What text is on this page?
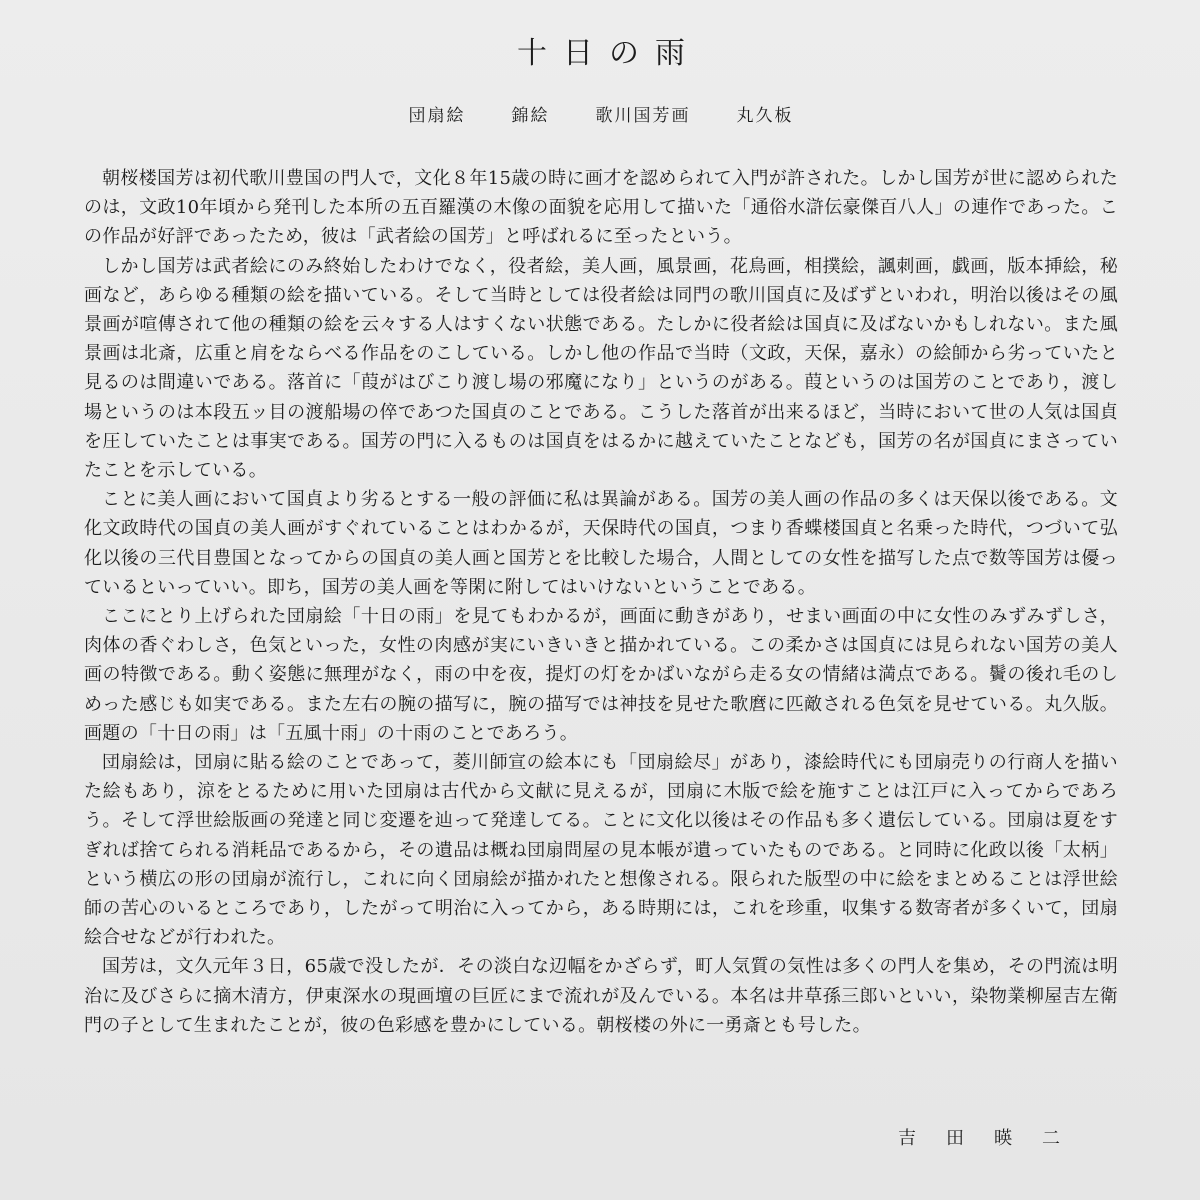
十日の雨
団扇絵	錦絵	歌川国芳画	丸久板

朝桜楼国芳は初代歌川豊国の門人で，文化８年15歳の時に画才を認められて入門が許された。しかし国芳が世に認められたのは，文政10年頃から発刊した本所の五百羅漢の木像の面貌を応用して描いた「通俗水滸伝豪傑百八人」の連作であった。この作品が好評であったため，彼は「武者絵の国芳」と呼ばれるに至ったという。

しかし国芳は武者絵にのみ終始したわけでなく，役者絵，美人画，風景画，花鳥画，相撲絵，諷刺画，戯画，版本挿絵，秘画など，あらゆる種類の絵を描いている。そして当時としては役者絵は同門の歌川国貞に及ばずといわれ，明治以後はその風景画が喧傳されて他の種類の絵を云々する人はすくない状態である。たしかに役者絵は国貞に及ばないかもしれない。また風景画は北斎，広重と肩をならべる作品をのこしている。しかし他の作品で当時（文政，天保，嘉永）の絵師から劣っていたと見るのは間違いである。落首に「葭がはびこり渡し場の邪魔になり」というのがある。葭というのは国芳のことであり，渡し場というのは本段五ッ目の渡船場の倅であつた国貞のことである。こうした落首が出来るほど，当時において世の人気は国貞を圧していたことは事実である。国芳の門に入るものは国貞をはるかに越えていたことなども，国芳の名が国貞にまさっていたことを示している。

ことに美人画において国貞より劣るとする一般の評価に私は異論がある。国芳の美人画の作品の多くは天保以後である。文化文政時代の国貞の美人画がすぐれていることはわかるが，天保時代の国貞，つまり香蝶楼国貞と名乗った時代，つづいて弘化以後の三代目豊国となってからの国貞の美人画と国芳とを比較した場合，人間としての女性を描写した点で数等国芳は優っているといっていい。即ち，国芳の美人画を等閑に附してはいけないということである。

ここにとり上げられた団扇絵「十日の雨」を見てもわかるが，画面に動きがあり，せまい画面の中に女性のみずみずしさ，肉体の香ぐわしさ，色気といった，女性の肉感が実にいきいきと描かれている。この柔かさは国貞には見られない国芳の美人画の特徴である。動く姿態に無理がなく，雨の中を夜，提灯の灯をかばいながら走る女の情緒は満点である。鬢の後れ毛のしめった感じも如実である。また左右の腕の描写に，腕の描写では神技を見せた歌麿に匹敵される色気を見せている。丸久版。画題の「十日の雨」は「五風十雨」の十雨のことであろう。

団扇絵は，団扇に貼る絵のことであって，菱川師宣の絵本にも「団扇絵尽」があり，漆絵時代にも団扇売りの行商人を描いた絵もあり，涼をとるために用いた団扇は古代から文献に見えるが，団扇に木版で絵を施すことは江戸に入ってからであろう。そして浮世絵版画の発達と同じ変遷を辿って発達してる。ことに文化以後はその作品も多く遺伝している。団扇は夏をすぎれば捨てられる消耗品であるから，その遺品は概ね団扇問屋の見本帳が遺っていたものである。と同時に化政以後「太柄」という横広の形の団扇が流行し，これに向く団扇絵が描かれたと想像される。限られた版型の中に絵をまとめることは浮世絵師の苦心のいるところであり，したがって明治に入ってから，ある時期には，これを珍重，収集する数寄者が多くいて，団扇絵合せなどが行われた。

国芳は，文久元年３日，65歳で没したが．その淡白な辺幅をかざらず，町人気質の気性は多くの門人を集め，その門流は明治に及びさらに摘木清方，伊東深水の現画壇の巨匠にまで流れが及んでいる。本名は井草孫三郎いといい，染物業柳屋吉左衛門の子として生まれたことが，彼の色彩感を豊かにしている。朝桜楼の外に一勇斎とも号した。

吉田暎二
